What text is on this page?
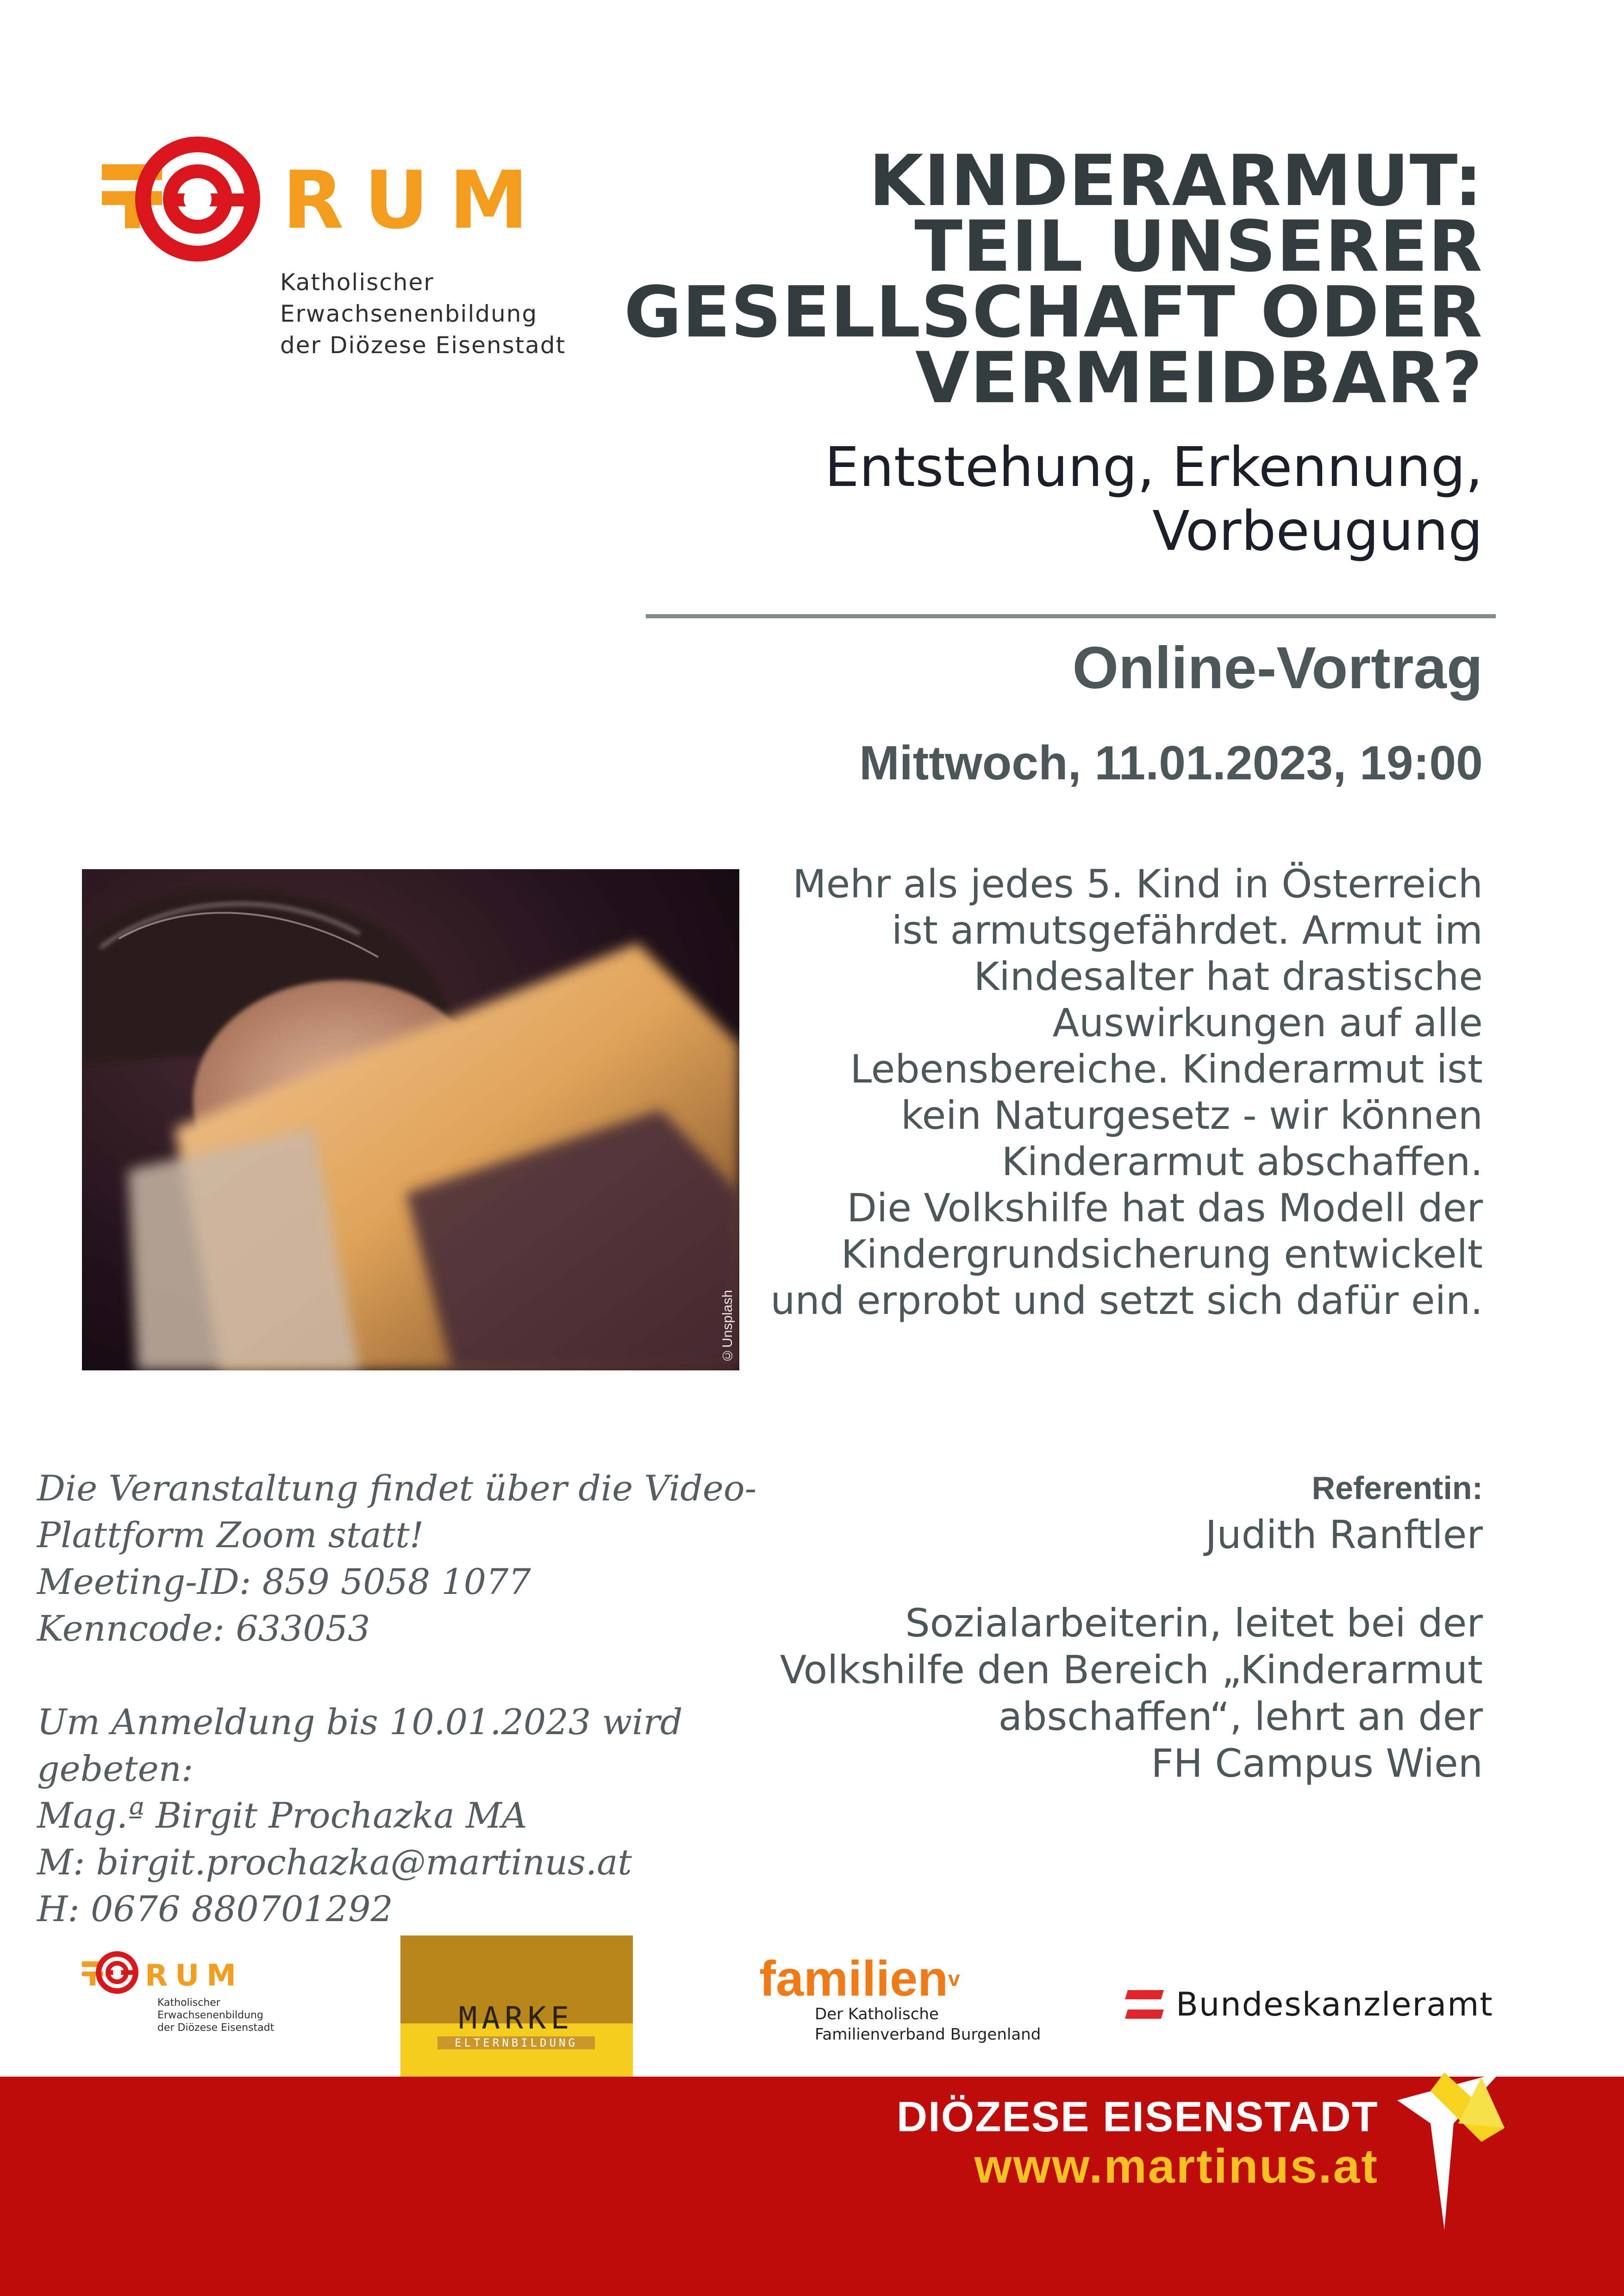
RUM
Katholischer
Erwachsenenbildung
der Diözese Eisenstadt
KINDERARMUT:
TEIL UNSERER
GESELLSCHAFT ODER
VERMEIDBAR?
Entstehung, Erkennung, Vorbeugung
Online-Vortrag
Mittwoch, 11.01.2023, 19:00
©Unsplash
Mehr als jedes 5. Kind in Österreich
ist armutsgefährdet. Armut im
Kindesalter hat drastische
Auswirkungen auf alle
Lebensbereiche. Kinderarmut ist
kein Naturgesetz - wir können
Kinderarmut abschaffen.
Die Volkshilfe hat das Modell der
Kindergrundsicherung entwickelt
und erprobt und setzt sich dafür ein.

Die Veranstaltung findet über die Video-

Plattform Zoom statt!

Meeting-ID: 859 5058 1077

Kenncode: 633053

Um Anmeldung bis 10.01.2023 wird gebeten:

Mag.ª Birgit Prochazka MA

M: birgit.prochazka@martinus.at

H: 0676 880701292

Referentin:
Judith Ranftler
Sozialarbeiterin, leitet bei der
Volkshilfe den Bereich „Kinderarmut
abschaffen“, lehrt an der
FH Campus Wien
RUM
Katholischer
Erwachsenenbildung
der Diözese Eisenstadt	MARKE
ELTERNBILDUNG
familien$^v$
Der Katholische
Familienverband Burgenland
Bundeskanzleramt
DIÖZESE EISENSTADT
www.martinus.at
